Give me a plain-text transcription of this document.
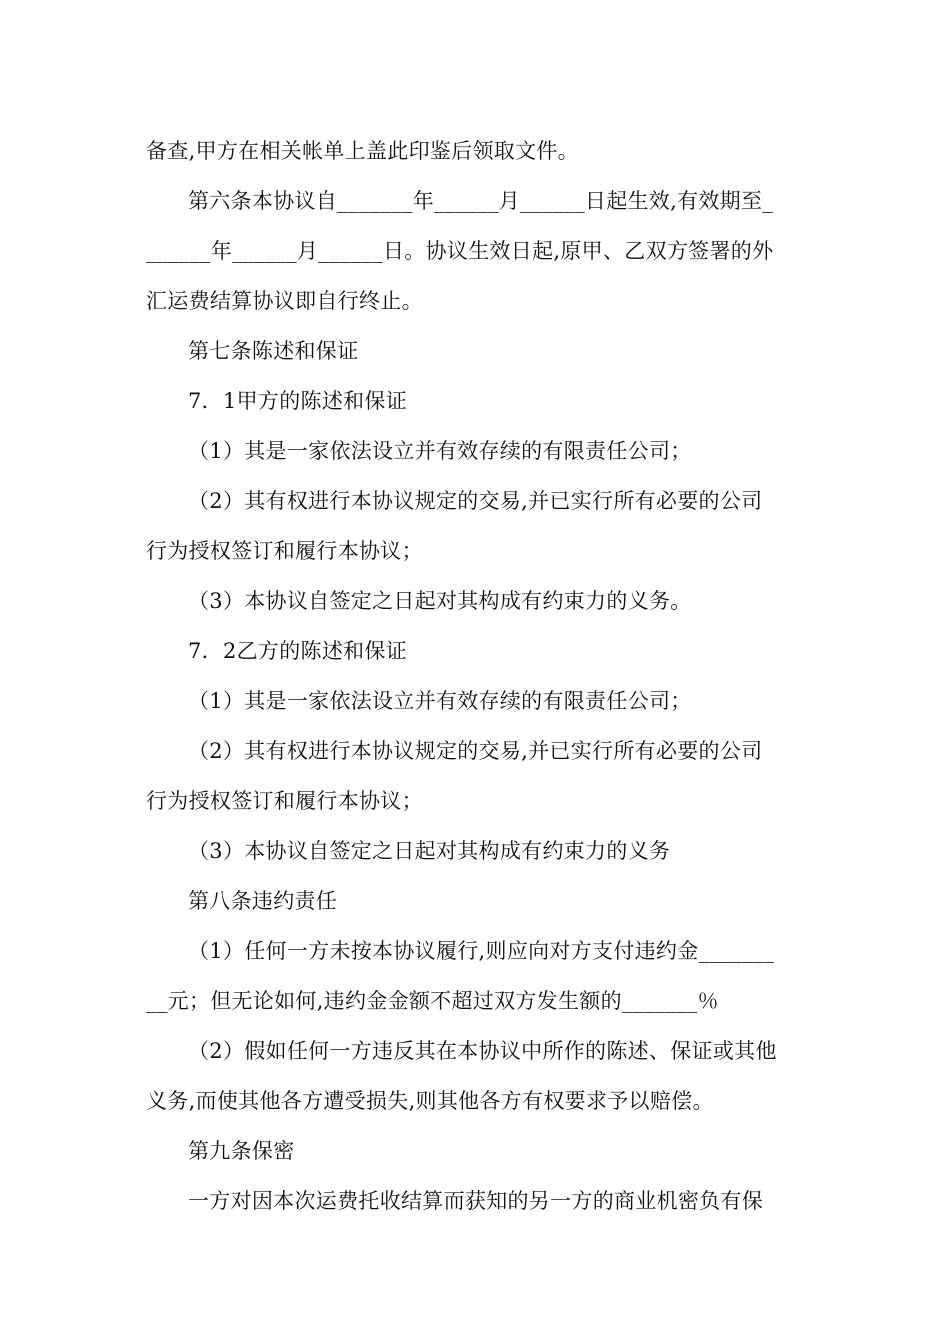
备查,甲方在相关帐单上盖此印鉴后领取文件。
第六条本协议自_______年______月______日起生效,有效期至_
______年______月______日。协议生效日起,原甲、乙双方签署的外
汇运费结算协议即自行终止。
第七条陈述和保证
7．1甲方的陈述和保证
（1）其是一家依法设立并有效存续的有限责任公司；
（2）其有权进行本协议规定的交易,并已实行所有必要的公司
行为授权签订和履行本协议；
（3）本协议自签定之日起对其构成有约束力的义务。
7．2乙方的陈述和保证
（1）其是一家依法设立并有效存续的有限责任公司；
（2）其有权进行本协议规定的交易,并已实行所有必要的公司
行为授权签订和履行本协议；
（3）本协议自签定之日起对其构成有约束力的义务
第八条违约责任
（1）任何一方未按本协议履行,则应向对方支付违约金_______
__元；但无论如何,违约金金额不超过双方发生额的_______％
（2）假如任何一方违反其在本协议中所作的陈述、保证或其他
义务,而使其他各方遭受损失,则其他各方有权要求予以赔偿。
第九条保密
一方对因本次运费托收结算而获知的另一方的商业机密负有保
